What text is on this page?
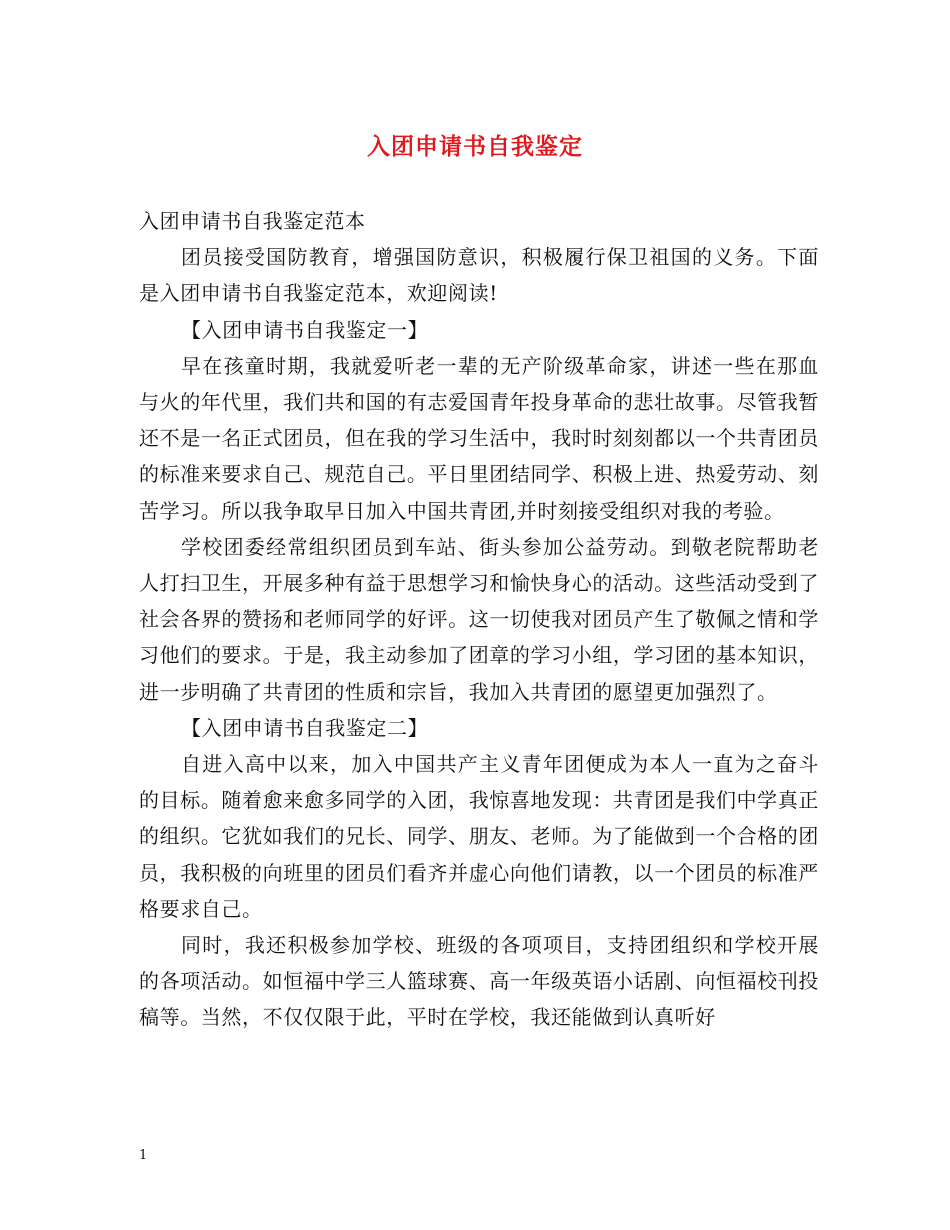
入团申请书自我鉴定

入团申请书自我鉴定范本

团员接受国防教育，增强国防意识，积极履行保卫祖国的义务。下面是入团申请书自我鉴定范本，欢迎阅读!

【入团申请书自我鉴定一】

早在孩童时期，我就爱听老一辈的无产阶级革命家，讲述一些在那血与火的年代里，我们共和国的有志爱国青年投身革命的悲壮故事。尽管我暂还不是一名正式团员，但在我的学习生活中，我时时刻刻都以一个共青团员的标准来要求自己、规范自己。平日里团结同学、积极上进、热爱劳动、刻苦学习。所以我争取早日加入中国共青团,并时刻接受组织对我的考验。

学校团委经常组织团员到车站、街头参加公益劳动。到敬老院帮助老人打扫卫生，开展多种有益于思想学习和愉快身心的活动。这些活动受到了社会各界的赞扬和老师同学的好评。这一切使我对团员产生了敬佩之情和学习他们的要求。于是，我主动参加了团章的学习小组，学习团的基本知识，进一步明确了共青团的性质和宗旨，我加入共青团的愿望更加强烈了。

【入团申请书自我鉴定二】

自进入高中以来，加入中国共产主义青年团便成为本人一直为之奋斗的目标。随着愈来愈多同学的入团，我惊喜地发现：共青团是我们中学真正的组织。它犹如我们的兄长、同学、朋友、老师。为了能做到一个合格的团员，我积极的向班里的团员们看齐并虚心向他们请教，以一个团员的标准严格要求自己。

同时，我还积极参加学校、班级的各项项目，支持团组织和学校开展的各项活动。如恒福中学三人篮球赛、高一年级英语小话剧、向恒福校刊投稿等。当然，不仅仅限于此，平时在学校，我还能做到认真听好

1
